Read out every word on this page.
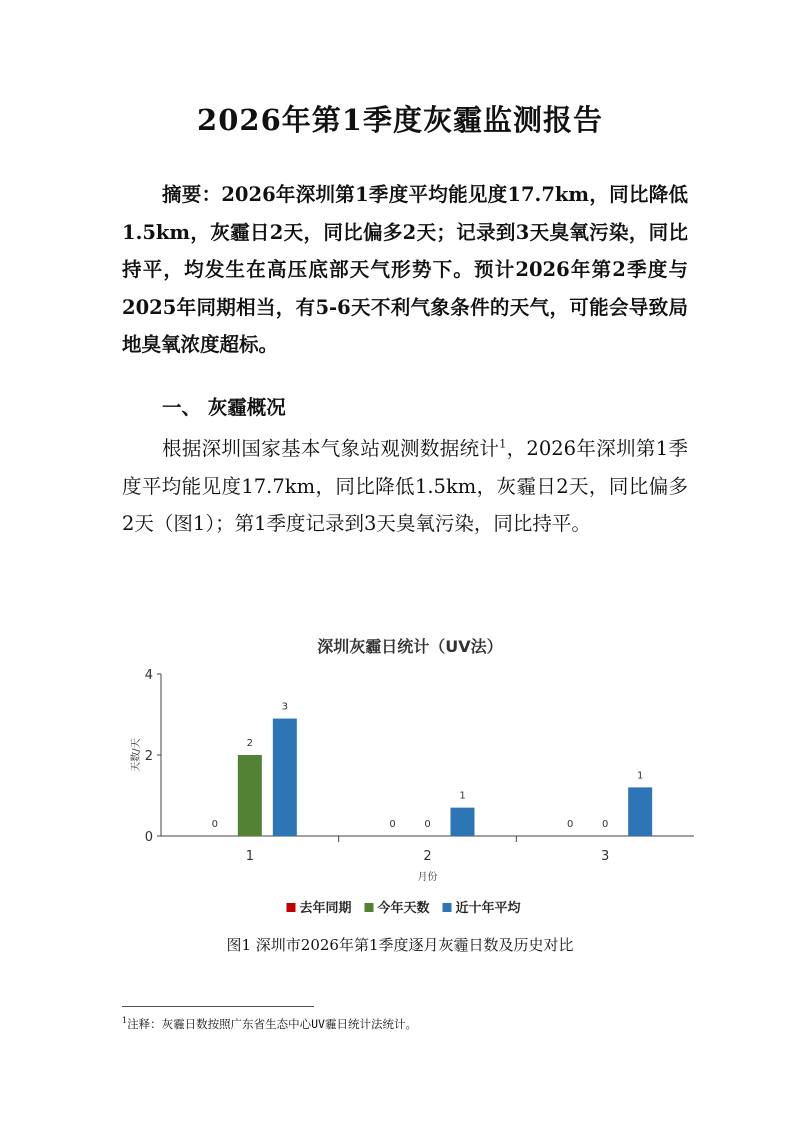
2026年第1季度灰霾监测报告
摘要：2026年深圳第1季度平均能见度17.7km，同比降低1.5km，灰霾日2天，同比偏多2天；记录到3天臭氧污染，同比持平，均发生在高压底部天气形势下。预计2026年第2季度与2025年同期相当，有5-6天不利气象条件的天气，可能会导致局地臭氧浓度超标。
一、 灰霾概况
根据深圳国家基本气象站观测数据统计$^1$，2026年深圳第1季度平均能见度17.7km，同比降低1.5km，灰霾日2天，同比偏多2天（图1）；第1季度记录到3天臭氧污染，同比持平。
深圳灰霾日统计（UV法）
0
2
4
天数/天
1
0
2
3
2
0	0
1
3
0	0
1
月份
去年同期 今年天数 近十年平均
图1 深圳市2026年第1季度逐月灰霾日数及历史对比
$^1$注释：灰霾日数按照广东省生态中心UV霾日统计法统计。
